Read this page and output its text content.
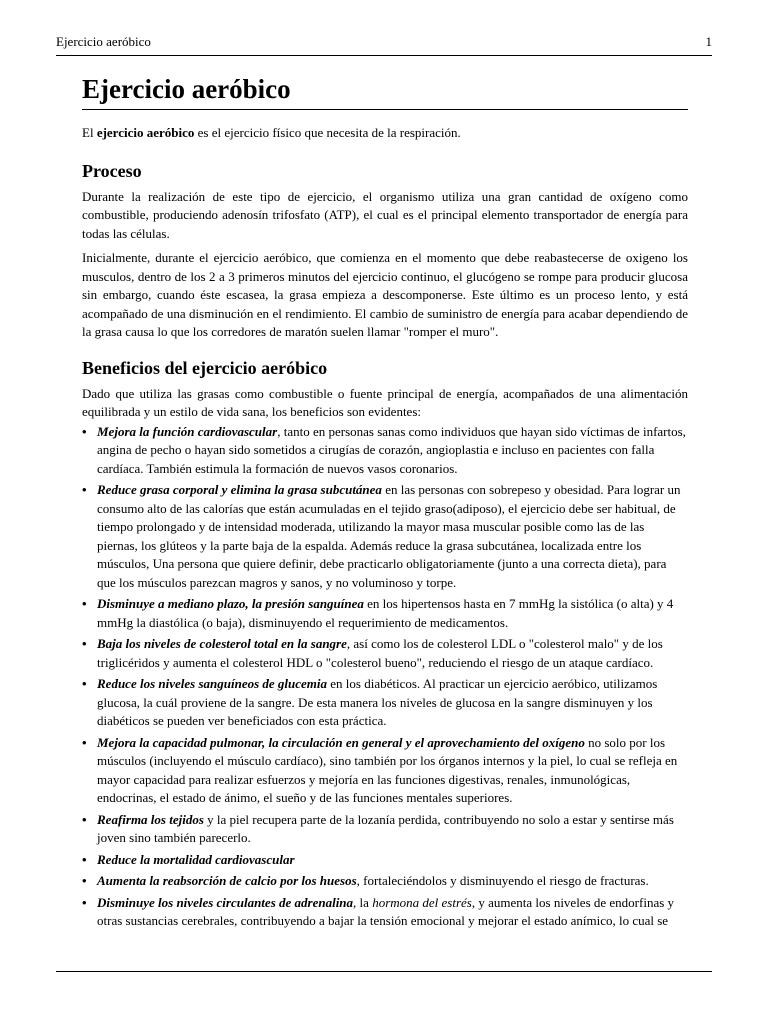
Ejercicio aeróbico	1
Ejercicio aeróbico

El ejercicio aeróbico es el ejercicio físico que necesita de la respiración.

Proceso

Durante la realización de este tipo de ejercicio, el organismo utiliza una gran cantidad de oxígeno como combustible, produciendo adenosín trifosfato (ATP), el cual es el principal elemento transportador de energía para todas las células.

Inicialmente, durante el ejercicio aeróbico, que comienza en el momento que debe reabastecerse de oxigeno los musculos, dentro de los 2 a 3 primeros minutos del ejercicio continuo, el glucógeno se rompe para producir glucosa sin embargo, cuando éste escasea, la grasa empieza a descomponerse. Este último es un proceso lento, y está acompañado de una disminución en el rendimiento. El cambio de suministro de energía para acabar dependiendo de la grasa causa lo que los corredores de maratón suelen llamar "romper el muro".

Beneficios del ejercicio aeróbico

Dado que utiliza las grasas como combustible o fuente principal de energía, acompañados de una alimentación equilibrada y un estilo de vida sana, los beneficios son evidentes:

• Mejora la función cardiovascular, tanto en personas sanas como individuos que hayan sido víctimas de infartos, angina de pecho o hayan sido sometidos a cirugías de corazón, angioplastia e incluso en pacientes con falla cardíaca. También estimula la formación de nuevos vasos coronarios.
• Reduce grasa corporal y elimina la grasa subcutánea en las personas con sobrepeso y obesidad. Para lograr un consumo alto de las calorías que están acumuladas en el tejido graso(adiposo), el ejercicio debe ser habitual, de tiempo prolongado y de intensidad moderada, utilizando la mayor masa muscular posible como las de las piernas, los glúteos y la parte baja de la espalda. Además reduce la grasa subcutánea, localizada entre los músculos, Una persona que quiere definir, debe practicarlo obligatoriamente (junto a una correcta dieta), para que los músculos parezcan magros y sanos, y no voluminoso y torpe.
• Disminuye a mediano plazo, la presión sanguínea en los hipertensos hasta en 7 mmHg la sistólica (o alta) y 4 mmHg la diastólica (o baja), disminuyendo el requerimiento de medicamentos.
• Baja los niveles de colesterol total en la sangre, así como los de colesterol LDL o "colesterol malo" y de los triglicéridos y aumenta el colesterol HDL o "colesterol bueno", reduciendo el riesgo de un ataque cardíaco.
• Reduce los niveles sanguíneos de glucemia en los diabéticos. Al practicar un ejercicio aeróbico, utilizamos glucosa, la cuál proviene de la sangre. De esta manera los niveles de glucosa en la sangre disminuyen y los diabéticos se pueden ver beneficiados con esta práctica.
• Mejora la capacidad pulmonar, la circulación en general y el aprovechamiento del oxígeno no solo por los músculos (incluyendo el músculo cardíaco), sino también por los órganos internos y la piel, lo cual se refleja en mayor capacidad para realizar esfuerzos y mejoría en las funciones digestivas, renales, inmunológicas, endocrinas, el estado de ánimo, el sueño y de las funciones mentales superiores.
• Reafirma los tejidos y la piel recupera parte de la lozanía perdida, contribuyendo no solo a estar y sentirse más joven sino también parecerlo.
• Reduce la mortalidad cardiovascular
• Aumenta la reabsorción de calcio por los huesos, fortaleciéndolos y disminuyendo el riesgo de fracturas.
• Disminuye los niveles circulantes de adrenalina, la hormona del estrés, y aumenta los niveles de endorfinas y otras sustancias cerebrales, contribuyendo a bajar la tensión emocional y mejorar el estado anímico, lo cual se
